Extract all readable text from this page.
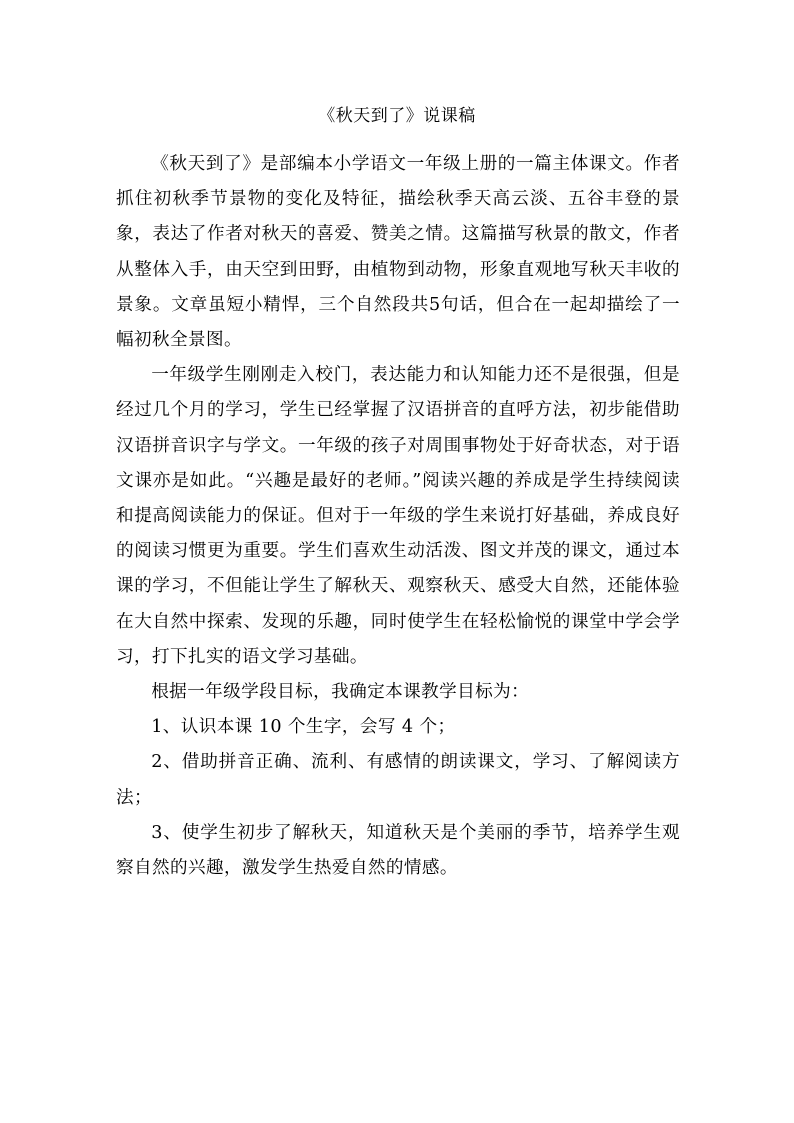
《秋天到了》说课稿

《秋天到了》是部编本小学语文一年级上册的一篇主体课文。作者抓住初秋季节景物的变化及特征，描绘秋季天高云淡、五谷丰登的景象，表达了作者对秋天的喜爱、赞美之情。这篇描写秋景的散文，作者从整体入手，由天空到田野，由植物到动物，形象直观地写秋天丰收的景象。文章虽短小精悍，三个自然段共5句话，但合在一起却描绘了一幅初秋全景图。

一年级学生刚刚走入校门，表达能力和认知能力还不是很强，但是经过几个月的学习，学生已经掌握了汉语拼音的直呼方法，初步能借助汉语拼音识字与学文。一年级的孩子对周围事物处于好奇状态，对于语文课亦是如此。“兴趣是最好的老师。”阅读兴趣的养成是学生持续阅读和提高阅读能力的保证。但对于一年级的学生来说打好基础，养成良好的阅读习惯更为重要。学生们喜欢生动活泼、图文并茂的课文，通过本课的学习，不但能让学生了解秋天、观察秋天、感受大自然，还能体验在大自然中探索、发现的乐趣，同时使学生在轻松愉悦的课堂中学会学习，打下扎实的语文学习基础。

根据一年级学段目标，我确定本课教学目标为：

1、认识本课 10 个生字，会写 4 个；

2、借助拼音正确、流利、有感情的朗读课文，学习、了解阅读方法；

3、使学生初步了解秋天，知道秋天是个美丽的季节，培养学生观察自然的兴趣，激发学生热爱自然的情感。
